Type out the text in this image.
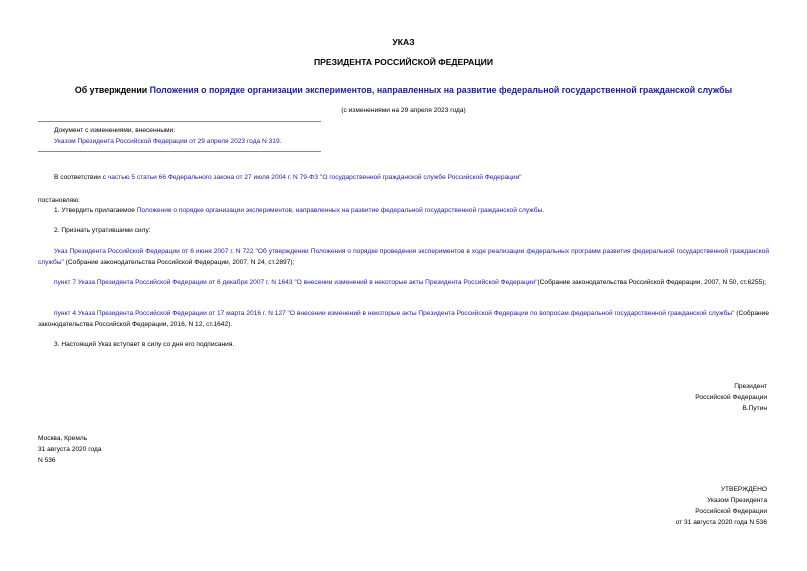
УКАЗ
ПРЕЗИДЕНТА РОССИЙСКОЙ ФЕДЕРАЦИИ
Об утверждении Положения о порядке организации экспериментов, направленных на развитие федеральной государственной гражданской службы
(с изменениями на 29 апреля 2023 года)
Документ с изменениями, внесенными:
Указом Президента Российской Федерации от 29 апреля 2023 года N 319.
В соответствии с частью 5 статьи 66 Федерального закона от 27 июля 2004 г. N 79-ФЗ "О государственной гражданской службе Российской Федерации"
постановляю:
1. Утвердить прилагаемое Положение о порядке организации экспериментов, направленных на развитие федеральной государственной гражданской службы.
2. Признать утратившими силу:
Указ Президента Российской Федерации от 6 июня 2007 г. N 722 "Об утверждении Положения о порядке проведения экспериментов в ходе реализации федеральных программ развития федеральной государственной гражданской службы" (Собрание законодательства Российской Федерации, 2007, N 24, ст.2897);
пункт 7 Указа Президента Российской Федерации от 6 декабря 2007 г. N 1643 "О внесении изменений в некоторые акты Президента Российской Федерации"(Собрание законодательства Российской Федерации, 2007, N 50, ст.6255);
пункт 4 Указа Президента Российской Федерации от 17 марта 2016 г. N 127 "О внесении изменений в некоторые акты Президента Российской Федерации по вопросам федеральной государственной гражданской службы" (Собрание законодательства Российской Федерации, 2016, N 12, ст.1642).
3. Настоящий Указ вступает в силу со дня его подписания.
Президент
Российской Федерации
В.Путин
Москва, Кремль
31 августа 2020 года
N 536
УТВЕРЖДЕНО
Указом Президента
Российской Федерации
от 31 августа 2020 года N 536
